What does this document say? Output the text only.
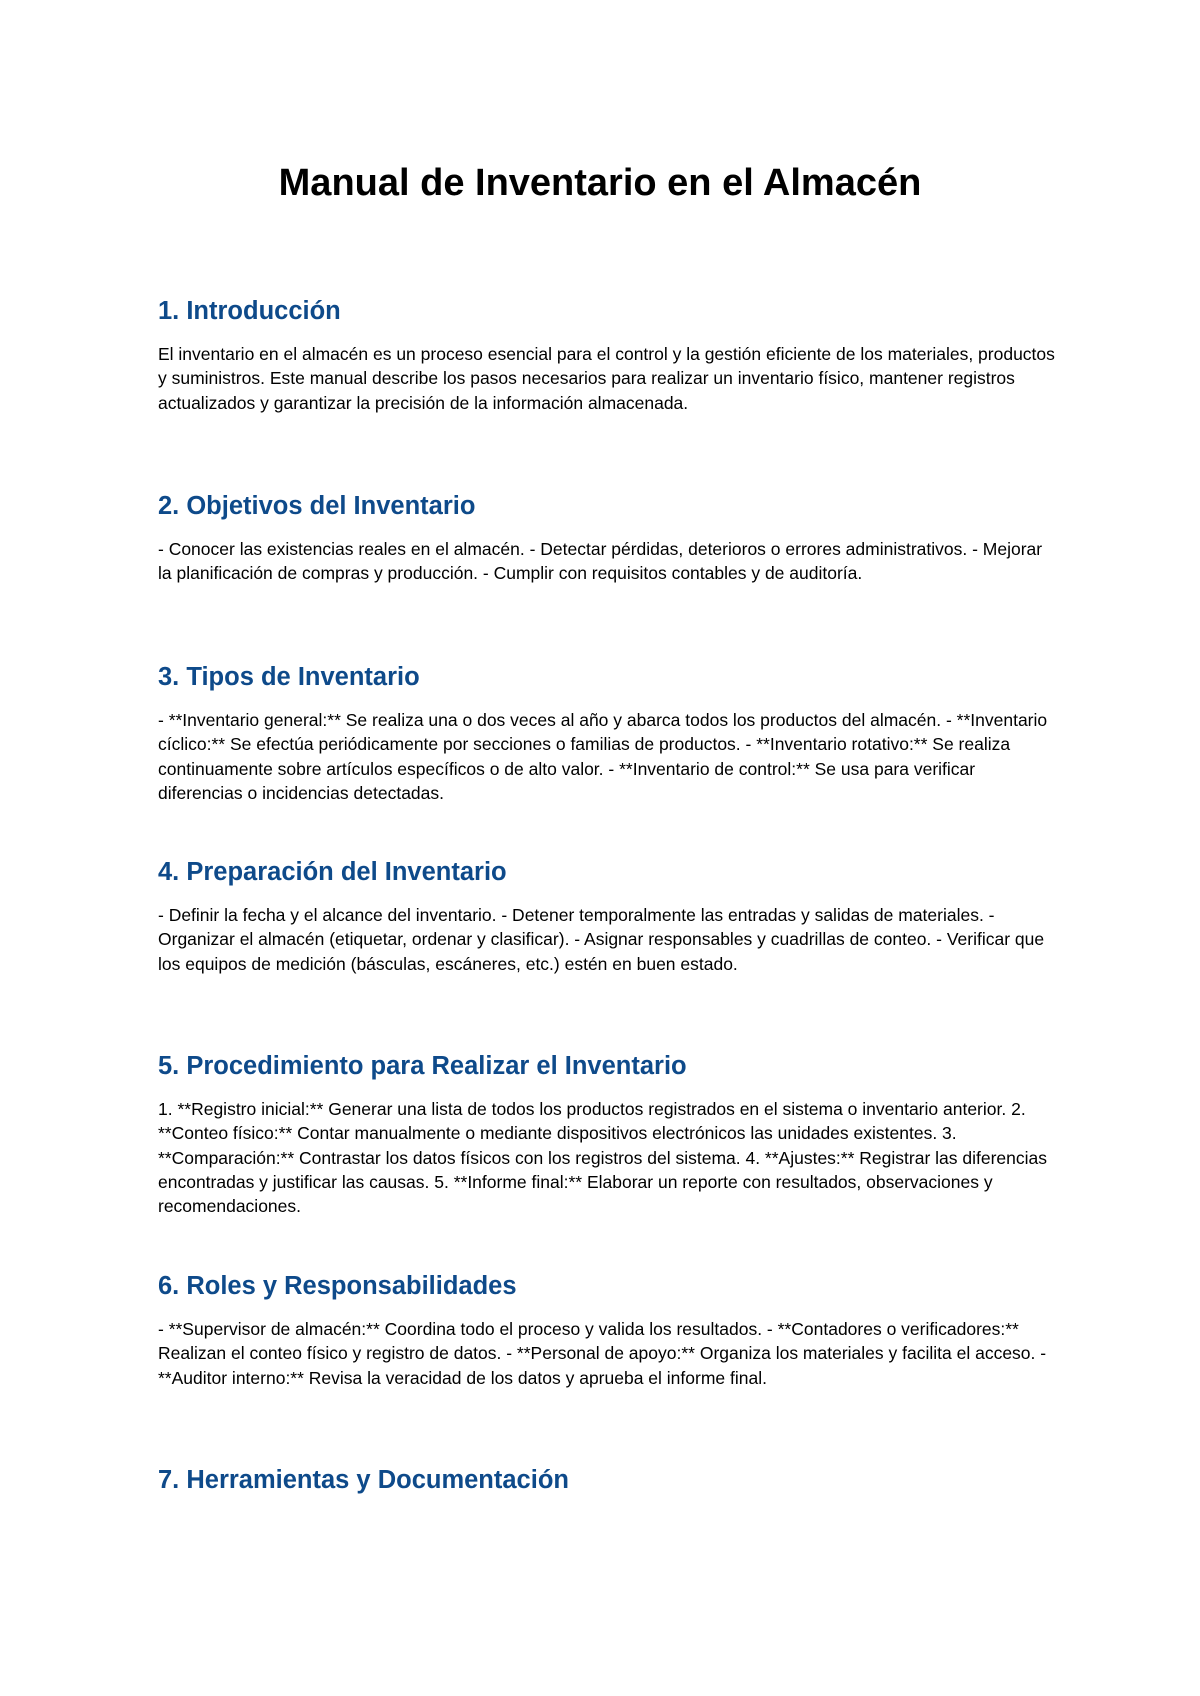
Manual de Inventario en el Almacén
1. Introducción

El inventario en el almacén es un proceso esencial para el control y la gestión eficiente de los materiales, productos y suministros. Este manual describe los pasos necesarios para realizar un inventario físico, mantener registros actualizados y garantizar la precisión de la información almacenada.

2. Objetivos del Inventario

- Conocer las existencias reales en el almacén. - Detectar pérdidas, deterioros o errores administrativos. - Mejorar la planificación de compras y producción. - Cumplir con requisitos contables y de auditoría.

3. Tipos de Inventario

- **Inventario general:** Se realiza una o dos veces al año y abarca todos los productos del almacén. - **Inventario cíclico:** Se efectúa periódicamente por secciones o familias de productos. - **Inventario rotativo:** Se realiza continuamente sobre artículos específicos o de alto valor. - **Inventario de control:** Se usa para verificar diferencias o incidencias detectadas.

4. Preparación del Inventario

- Definir la fecha y el alcance del inventario. - Detener temporalmente las entradas y salidas de materiales. - Organizar el almacén (etiquetar, ordenar y clasificar). - Asignar responsables y cuadrillas de conteo. - Verificar que los equipos de medición (básculas, escáneres, etc.) estén en buen estado.

5. Procedimiento para Realizar el Inventario

1. **Registro inicial:** Generar una lista de todos los productos registrados en el sistema o inventario anterior. 2. **Conteo físico:** Contar manualmente o mediante dispositivos electrónicos las unidades existentes. 3. **Comparación:** Contrastar los datos físicos con los registros del sistema. 4. **Ajustes:** Registrar las diferencias encontradas y justificar las causas. 5. **Informe final:** Elaborar un reporte con resultados, observaciones y recomendaciones.

6. Roles y Responsabilidades

- **Supervisor de almacén:** Coordina todo el proceso y valida los resultados. - **Contadores o verificadores:** Realizan el conteo físico y registro de datos. - **Personal de apoyo:** Organiza los materiales y facilita el acceso. - **Auditor interno:** Revisa la veracidad de los datos y aprueba el informe final.

7. Herramientas y Documentación
